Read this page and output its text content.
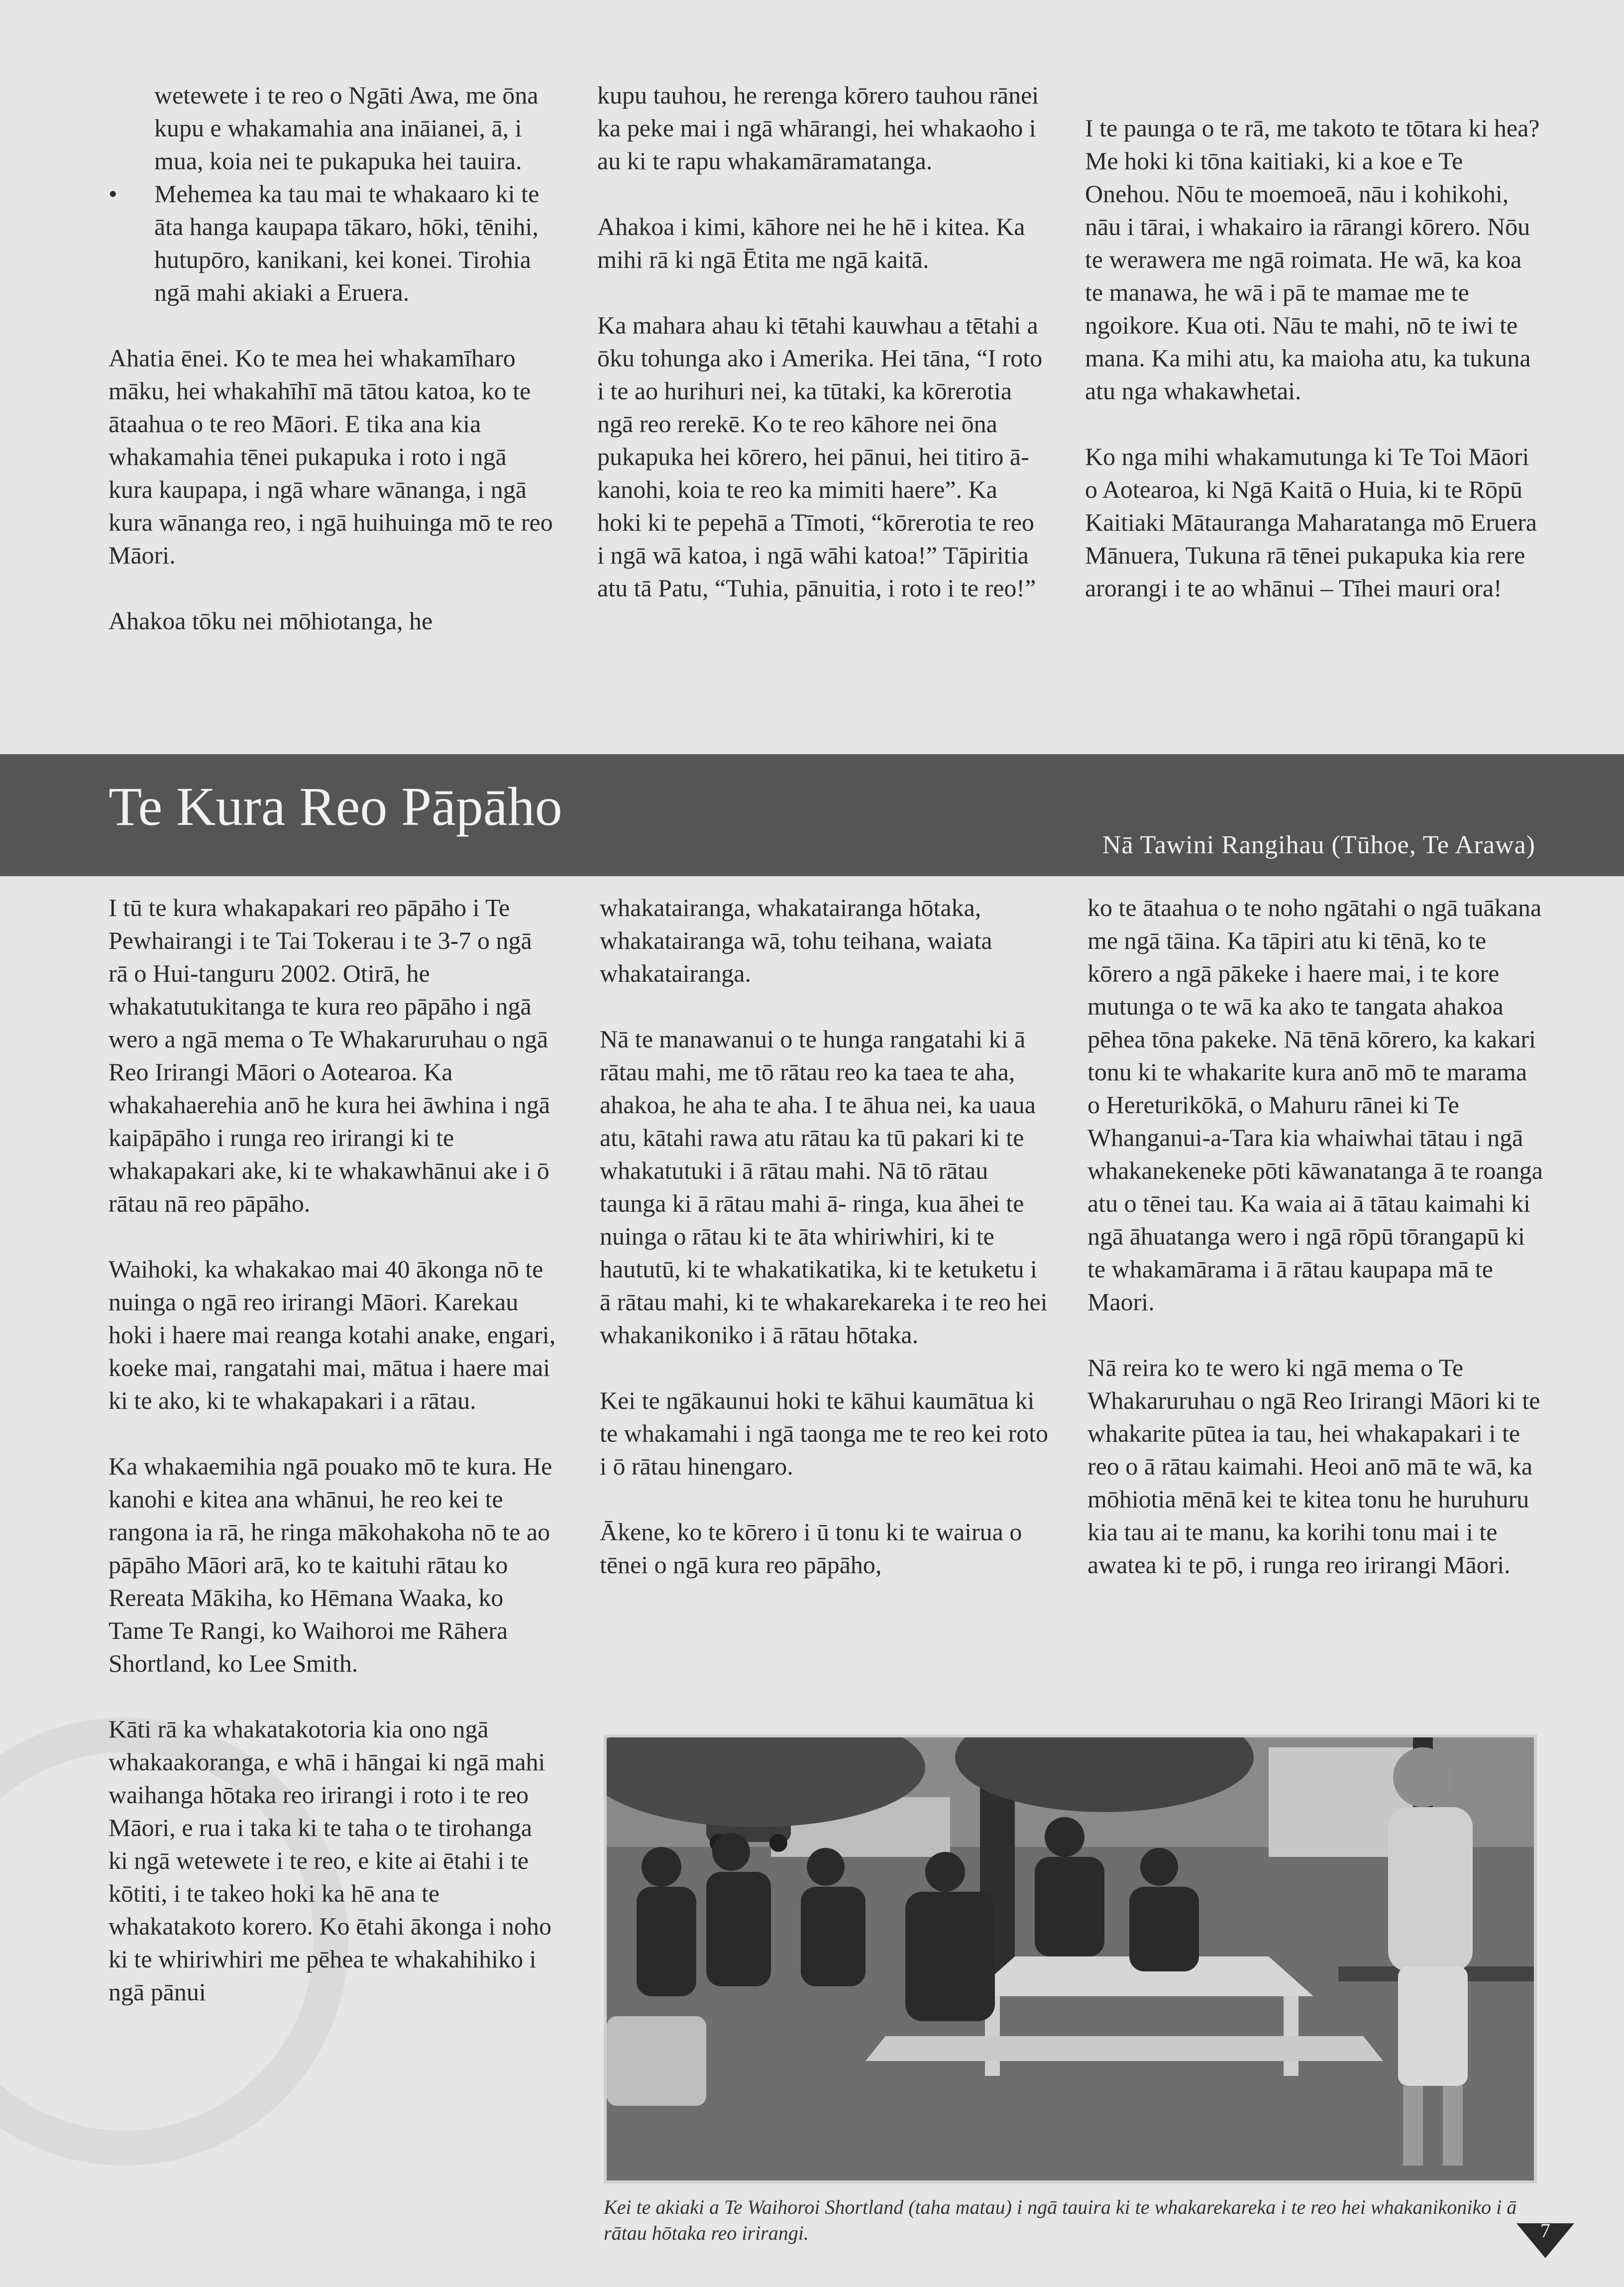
wetewete i te reo o Ngāti Awa, me ōna kupu e whakamahia ana ināianei, ā, i mua, koia nei te pukapuka hei tauira.

• Mehemea ka tau mai te whakaaro ki te āta hanga kaupapa tākaro, hōki, tēnihi, hutupōro, kanikani, kei konei. Tirohia ngā mahi akiaki a Eruera.

Ahatia ēnei. Ko te mea hei whakamīharo māku, hei whakahīhī mā tātou katoa, ko te ātaahua o te reo Māori. E tika ana kia whakamahia tēnei pukapuka i roto i ngā kura kaupapa, i ngā whare wānanga, i ngā kura wānanga reo, i ngā huihuinga mō te reo Māori.

Ahakoa tōku nei mōhiotanga, he

kupu tauhou, he rerenga kōrero tauhou rānei ka peke mai i ngā whārangi, hei whakaoho i au ki te rapu whakamāramatanga.

Ahakoa i kimi, kāhore nei he hē i kitea. Ka mihi rā ki ngā Ētita me ngā kaitā.

Ka mahara ahau ki tētahi kauwhau a tētahi a ōku tohunga ako i Amerika. Hei tāna, “I roto i te ao hurihuri nei, ka tūtaki, ka kōrerotia ngā reo rerekē. Ko te reo kāhore nei ōna pukapuka hei kōrero, hei pānui, hei titiro ā-kanohi, koia te reo ka mimiti haere”. Ka hoki ki te pepehā a Tīmoti, “kōrerotia te reo i ngā wā katoa, i ngā wāhi katoa!” Tāpiritia atu tā Patu, “Tuhia, pānuitia, i roto i te reo!”

I te paunga o te rā, me takoto te tōtara ki hea? Me hoki ki tōna kaitiaki, ki a koe e Te Onehou. Nōu te moemoeā, nāu i kohikohi, nāu i tārai, i whakairo ia rārangi kōrero. Nōu te werawera me ngā roimata. He wā, ka koa te manawa, he wā i pā te mamae me te ngoikore. Kua oti. Nāu te mahi, nō te iwi te mana. Ka mihi atu, ka maioha atu, ka tukuna atu nga whakawhetai.

Ko nga mihi whakamutunga ki Te Toi Māori o Aotearoa, ki Ngā Kaitā o Huia, ki te Rōpū Kaitiaki Mātauranga Maharatanga mō Eruera Mānuera, Tukuna rā tēnei pukapuka kia rere arorangi i te ao whānui – Tīhei mauri ora!

Te Kura Reo Pāpāho
Nā Tawini Rangihau (Tūhoe, Te Arawa)

I tū te kura whakapakari reo pāpāho i Te Pewhairangi i te Tai Tokerau i te 3-7 o ngā rā o Hui-tanguru 2002. Otirā, he whakatutukitanga te kura reo pāpāho i ngā wero a ngā mema o Te Whakaruruhau o ngā Reo Irirangi Māori o Aotearoa. Ka whakahaerehia anō he kura hei āwhina i ngā kaipāpāho i runga reo irirangi ki te whakapakari ake, ki te whakawhānui ake i ō rātau nā reo pāpāho.

Waihoki, ka whakakao mai 40 ākonga nō te nuinga o ngā reo irirangi Māori. Karekau hoki i haere mai reanga kotahi anake, engari, koeke mai, rangatahi mai, mātua i haere mai ki te ako, ki te whakapakari i a rātau.

Ka whakaemihia ngā pouako mō te kura. He kanohi e kitea ana whānui, he reo kei te rangona ia rā, he ringa mākohakoha nō te ao pāpāho Māori arā, ko te kaituhi rātau ko Rereata Mākiha, ko Hēmana Waaka, ko Tame Te Rangi, ko Waihoroi me Rāhera Shortland, ko Lee Smith.

Kāti rā ka whakatakotoria kia ono ngā whakaakoranga, e whā i hāngai ki ngā mahi waihanga hōtaka reo irirangi i roto i te reo Māori, e rua i taka ki te taha o te tirohanga ki ngā wetewete i te reo, e kite ai ētahi i te kōtiti, i te takeo hoki ka hē ana te whakatakoto korero. Ko ētahi ākonga i noho ki te whiriwhiri me pēhea te whakahihiko i ngā pānui

whakatairanga, whakatairanga hōtaka, whakatairanga wā, tohu teihana, waiata whakatairanga.

Nā te manawanui o te hunga rangatahi ki ā rātau mahi, me tō rātau reo ka taea te aha, ahakoa, he aha te aha. I te āhua nei, ka uaua atu, kātahi rawa atu rātau ka tū pakari ki te whakatutuki i ā rātau mahi. Nā tō rātau taunga ki ā rātau mahi ā- ringa, kua āhei te nuinga o rātau ki te āta whiriwhiri, ki te haututū, ki te whakatikatika, ki te ketuketu i ā rātau mahi, ki te whakarekareka i te reo hei whakanikoniko i ā rātau hōtaka.

Kei te ngākaunui hoki te kāhui kaumātua ki te whakamahi i ngā taonga me te reo kei roto i ō rātau hinengaro.

Ākene, ko te kōrero i ū tonu ki te wairua o tēnei o ngā kura reo pāpāho,

ko te ātaahua o te noho ngātahi o ngā tuākana me ngā tāina. Ka tāpiri atu ki tēnā, ko te kōrero a ngā pākeke i haere mai, i te kore mutunga o te wā ka ako te tangata ahakoa pēhea tōna pakeke. Nā tēnā kōrero, ka kakari tonu ki te whakarite kura anō mō te marama o Hereturikōkā, o Mahuru rānei ki Te Whanganui-a-Tara kia whaiwhai tātau i ngā whakanekeneke pōti kāwanatanga ā te roanga atu o tēnei tau. Ka waia ai ā tātau kaimahi ki ngā āhuatanga wero i ngā rōpū tōrangapū ki te whakamārama i ā rātau kaupapa mā te Maori.

Nā reira ko te wero ki ngā mema o Te Whakaruruhau o ngā Reo Irirangi Māori ki te whakarite pūtea ia tau, hei whakapakari i te reo o ā rātau kaimahi. Heoi anō mā te wā, ka mōhiotia mēnā kei te kitea tonu he huruhuru kia tau ai te manu, ka korihi tonu mai i te awatea ki te pō, i runga reo irirangi Māori.

Kei te akiaki a Te Waihoroi Shortland (taha matau) i ngā tauira ki te whakarekareka i te reo hei whakanikoniko i ā rātau hōtaka reo irirangi.	7
